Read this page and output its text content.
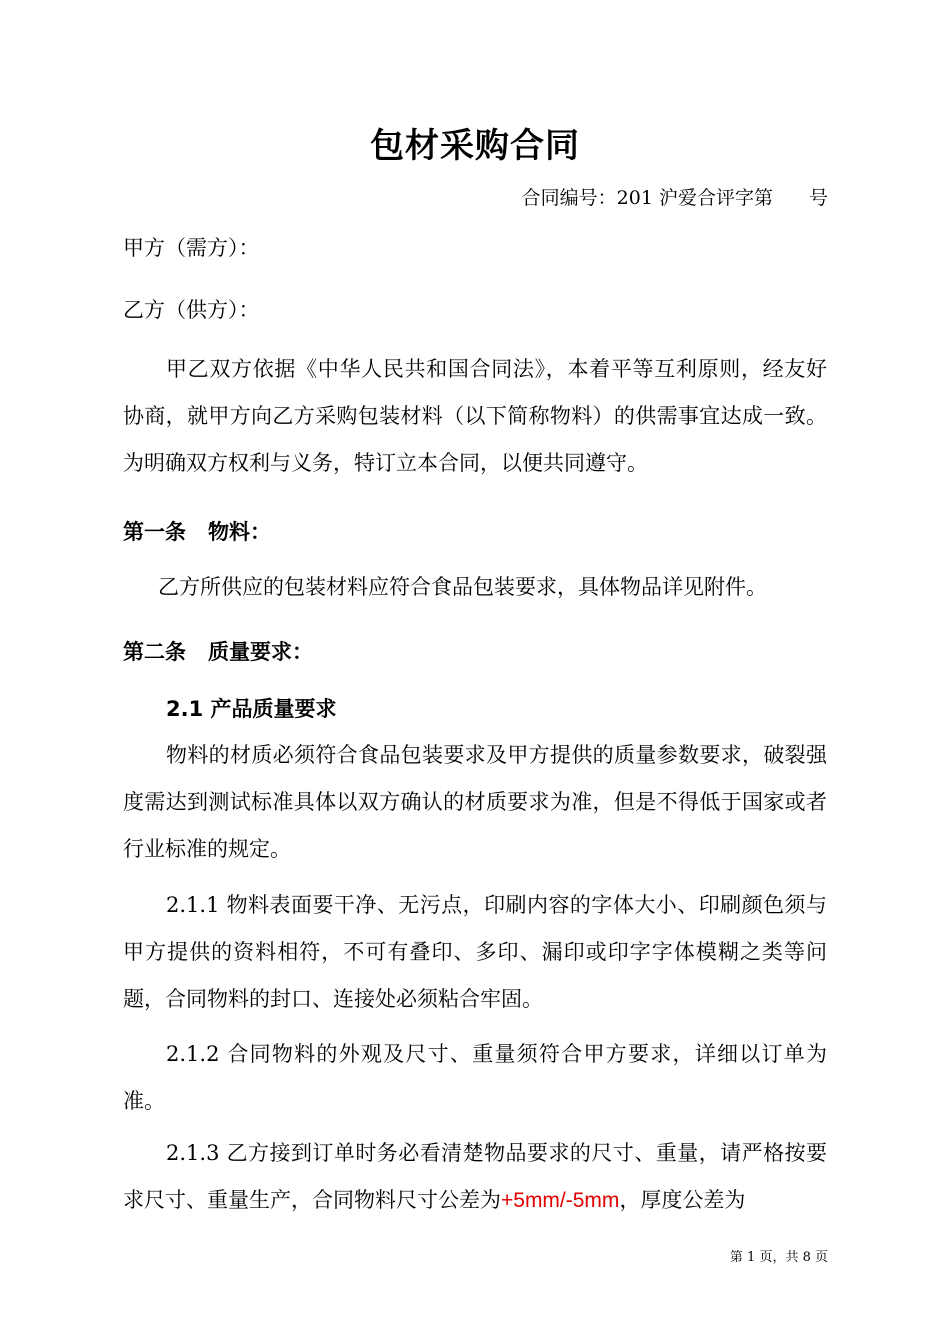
包材采购合同
合同编号：201 沪爱合评字第 号
甲方（需方）：
乙方（供方）：
甲乙双方依据《中华人民共和国合同法》，本着平等互利原则，经友好协商，就甲方向乙方采购包装材料（以下简称物料）的供需事宜达成一致。为明确双方权利与义务，特订立本合同，以便共同遵守。
第一条 物料：
乙方所供应的包装材料应符合食品包装要求，具体物品详见附件。
第二条 质量要求：
2.1 产品质量要求
物料的材质必须符合食品包装要求及甲方提供的质量参数要求，破裂强度需达到测试标准具体以双方确认的材质要求为准，但是不得低于国家或者行业标准的规定。
2.1.1 物料表面要干净、无污点，印刷内容的字体大小、印刷颜色须与甲方提供的资料相符，不可有叠印、多印、漏印或印字字体模糊之类等问题，合同物料的封口、连接处必须粘合牢固。
2.1.2 合同物料的外观及尺寸、重量须符合甲方要求，详细以订单为准。
2.1.3 乙方接到订单时务必看清楚物品要求的尺寸、重量，请严格按要求尺寸、重量生产，合同物料尺寸公差为+5mm/-5mm，厚度公差为
第 1 页，共 8 页
